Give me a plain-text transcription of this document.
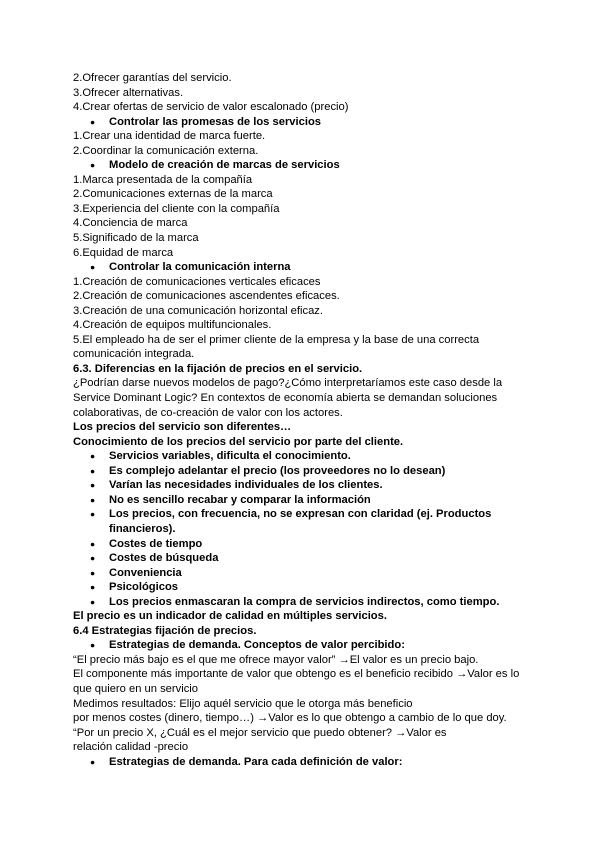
2.Ofrecer garantías del servicio.
3.Ofrecer alternativas.
4.Crear ofertas de servicio de valor escalonado (precio)
● Controlar las promesas de los servicios
1.Crear una identidad de marca fuerte.
2.Coordinar la comunicación externa.
● Modelo de creación de marcas de servicios
1.Marca presentada de la compañía
2.Comunicaciones externas de la marca
3.Experiencia del cliente con la compañía
4.Conciencia de marca
5.Significado de la marca
6.Equidad de marca
● Controlar la comunicación interna
1.Creación de comunicaciones verticales eficaces
2.Creación de comunicaciones ascendentes eficaces.
3.Creación de una comunicación horizontal eficaz.
4.Creación de equipos multifuncionales.
5.El empleado ha de ser el primer cliente de la empresa y la base de una correcta
comunicación integrada.
6.3. Diferencias en la fijación de precios en el servicio.
¿Podrían darse nuevos modelos de pago?¿Cómo interpretaríamos este caso desde la
Service Dominant Logic? En contextos de economía abierta se demandan soluciones
colaborativas, de co-creación de valor con los actores.
Los precios del servicio son diferentes…
Conocimiento de los precios del servicio por parte del cliente.
● Servicios variables, dificulta el conocimiento.
● Es complejo adelantar el precio (los proveedores no lo desean)
● Varían las necesidades individuales de los clientes.
● No es sencillo recabar y comparar la información
● Los precios, con frecuencia, no se expresan con claridad (ej. Productos
financieros).
● Costes de tiempo
● Costes de búsqueda
● Conveniencia
● Psicológicos
● Los precios enmascaran la compra de servicios indirectos, como tiempo.
El precio es un indicador de calidad en múltiples servicios.
6.4 Estrategias fijación de precios.
● Estrategias de demanda. Conceptos de valor percibido:
“El precio más bajo es el que me ofrece mayor valor” →El valor es un precio bajo.
El componente más importante de valor que obtengo es el beneficio recibido →Valor es lo
que quiero en un servicio
Medimos resultados: Elijo aquél servicio que le otorga más beneficio
por menos costes (dinero, tiempo…) →Valor es lo que obtengo a cambio de lo que doy.
“Por un precio X, ¿Cuál es el mejor servicio que puedo obtener? →Valor es
relación calidad -precio
● Estrategias de demanda. Para cada definición de valor:
